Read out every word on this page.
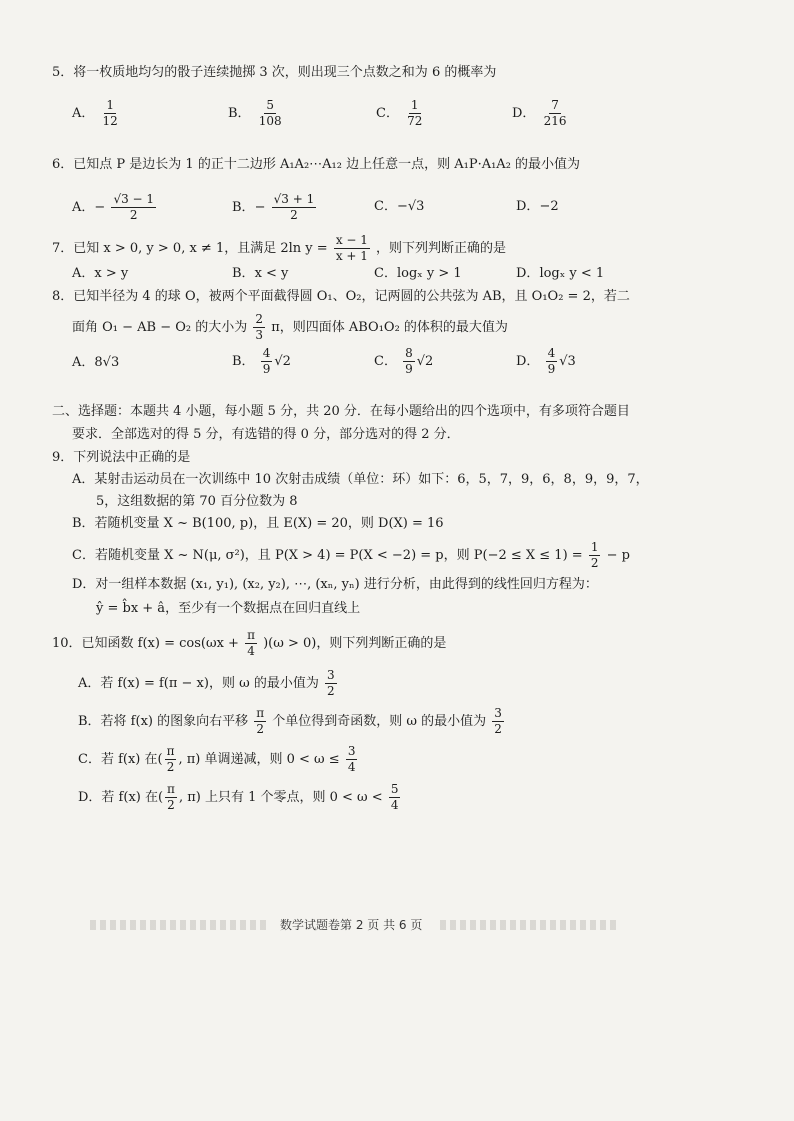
5．将一枚质地均匀的骰子连续抛掷 3 次，则出现三个点数之和为 6 的概率为
A． $\frac{1}{12}$	B． $\frac{5}{108}$	C． $\frac{1}{72}$	D． $\frac{7}{216}$
6．已知点 P 是边长为 1 的正十二边形 A₁A₂⋯A₁₂ 边上任意一点，则 A₁P·A₁A₂ 的最小值为
A．− $\frac{√3 - 1}{2}$	B．− $\frac{√3 + 1}{2}$	C．−√3	D．−2
7．已知 x > 0, y > 0, x ≠ 1，且满足 2ln $y = \frac{x - 1}{x + 1}$ ，则下列判断正确的是
A．x > y	B．x < y	C．logₓ y > 1	D．logₓ y < 1
8．已知半径为 4 的球 O，被两个平面截得圆 O₁、O₂，记两圆的公共弦为 AB，且 O₁O₂ = 2，若二
面角 O₁ − AB − O₂ 的大小为 $\frac{2}{3}$ π，则四面体 ABO₁O₂ 的体积的最大值为
A．8√3	B． $\frac{4}{9} √2$	C． $\frac{8}{9} √2$	D． $\frac{4}{9} √3$
二、选择题：本题共 4 小题，每小题 5 分，共 20 分．在每小题给出的四个选项中，有多项符合题目
要求．全部选对的得 5 分，有选错的得 0 分，部分选对的得 2 分．
9．下列说法中正确的是
A．某射击运动员在一次训练中 10 次射击成绩（单位：环）如下：6，5，7，9，6，8，9，9，7，
5，这组数据的第 70 百分位数为 8
B．若随机变量 X ~ B(100, p)，且 E(X) = 20，则 D(X) = 16
C．若随机变量 X ~ N(μ, σ²)，且 P(X > 4) = P(X < −2) = p，则 $P(-2 \le X \le 1) = \frac{1}{2} - p$
D．对一组样本数据 (x₁, y₁), (x₂, y₂), ⋯, (xₙ, yₙ) 进行分析，由此得到的线性回归方程为：
ŷ = b̂x + â，至少有一个数据点在回归直线上
10．已知函数 $f(x) = \cos(\omega x + \frac{\pi}{4} )(\omega > 0)$，则下列判断正确的是
A．若 f(x) = f(π − x)，则 ω 的最小值为 $\frac{3}{2}$
B．若将 f(x) 的图象向右平移 $\frac{\pi}{2}$ 个单位得到奇函数，则 ω 的最小值为 $\frac{3}{2}$
C．若 f(x) 在( $\frac{\pi}{2}$ , π) 单调递减，则 $0 < \omega \le \frac{3}{4}$
D．若 f(x) 在( $\frac{\pi}{2}$ , π) 上只有 1 个零点，则 $0 < \omega < \frac{5}{4}$
数学试题卷第 2 页 共 6 页
